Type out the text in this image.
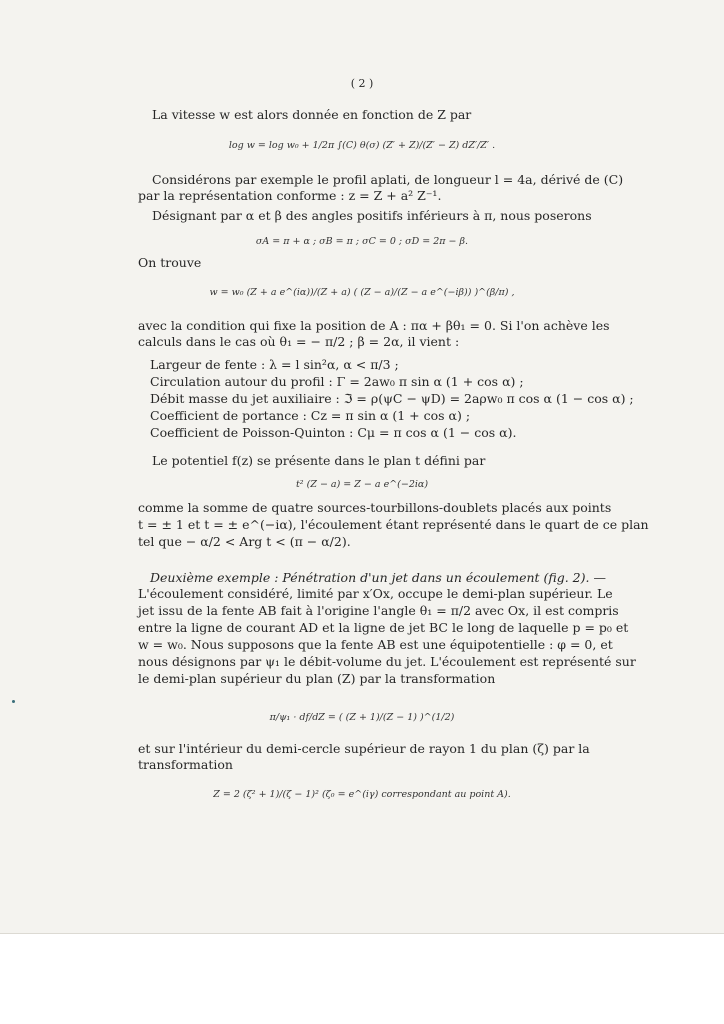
( 2 )
La vitesse w est alors donnée en fonction de Z par
log w = log w₀ + 1/2π ∫(C) θ(σ) (Z′ + Z)/(Z′ − Z) dZ′/Z′ .
Considérons par exemple le profil aplati, de longueur l = 4a, dérivé de (C)
par la représentation conforme : z = Z + a² Z⁻¹.
Désignant par α et β des angles positifs inférieurs à π, nous poserons
σA = π + α ; σB = π ; σC = 0 ; σD = 2π − β.
On trouve
w = w₀ (Z + a e^(iα))/(Z + a) ( (Z − a)/(Z − a e^(−iβ)) )^(β/π) ,
avec la condition qui fixe la position de A : πα + βθ₁ = 0. Si l'on achève les
calculs dans le cas où θ₁ = − π/2 ; β = 2α, il vient :
Largeur de fente : λ = l sin²α, α < π/3 ;
Circulation autour du profil : Γ = 2aw₀ π sin α (1 + cos α) ;
Débit masse du jet auxiliaire : ℑ = ρ(ψC − ψD) = 2aρw₀ π cos α (1 − cos α) ;
Coefficient de portance : Cz = π sin α (1 + cos α) ;
Coefficient de Poisson-Quinton : Cμ = π cos α (1 − cos α).
Le potentiel f(z) se présente dans le plan t défini par
t² (Z − a) = Z − a e^(−2iα)
comme la somme de quatre sources-tourbillons-doublets placés aux points
t = ± 1 et t = ± e^(−iα), l'écoulement étant représenté dans le quart de ce plan
tel que − α/2 < Arg t < (π − α/2).
Deuxième exemple : Pénétration d'un jet dans un écoulement (fig. 2). —
L'écoulement considéré, limité par x′Ox, occupe le demi-plan supérieur. Le
jet issu de la fente AB fait à l'origine l'angle θ₁ = π/2 avec Ox, il est compris
entre la ligne de courant AD et la ligne de jet BC le long de laquelle p = p₀ et
w = w₀. Nous supposons que la fente AB est une équipotentielle : φ = 0, et
nous désignons par ψ₁ le débit-volume du jet. L'écoulement est représenté sur
le demi-plan supérieur du plan (Z) par la transformation
π/ψ₁ · df/dZ = ( (Z + 1)/(Z − 1) )^(1/2)
et sur l'intérieur du demi-cercle supérieur de rayon 1 du plan (ζ) par la
transformation
Z = 2 (ζ² + 1)/(ζ − 1)² (ζ₀ = e^(iγ) correspondant au point A).
